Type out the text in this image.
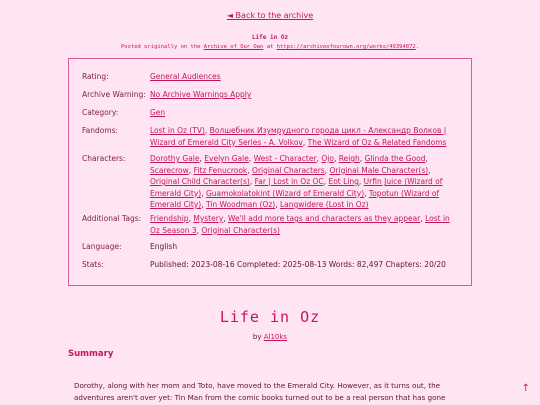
◄ Back to the archive
Life in Oz
Posted originally on the Archive of Our Own at https://archiveofourown.org/works/49394872.
Rating:	General Audiences
Archive Warning: No Archive Warnings Apply
Category:	Gen
Fandoms:	Lost in Oz (TV), Волшебник Изумрудного города цикл - Александр Волков | Wizard of Emerald City Series - A. Volkov, The Wizard of Oz & Related Fandoms
Characters:	Dorothy Gale, Evelyn Gale, West - Character, Ojo, Reigh, Glinda the Good, Scarecrow, Fitz Fenucrook, Original Characters, Original Male Character(s), Original Child Character(s), Far | Lost in Oz OC, Eot Ling, Urfin Juice (Wizard of Emerald City), Guamokolatokint (Wizard of Emerald City), Topotun (Wizard of Emerald City), Tin Woodman (Oz), Langwidere (Lost in Oz)
Additional Tags:	Friendship, Mystery, We'll add more tags and characters as they appear, Lost in Oz Season 3, Original Character(s)
Language:	English
Stats:	Published: 2023-08-16 Completed: 2025-08-13 Words: 82,497 Chapters: 20/20
Life in Oz
by Al10ks
Summary
Dorothy, along with her mom and Toto, have moved to the Emerald City. However, as it turns out, the adventures aren't over yet: Tin Man from the comic books turned out to be a real person that has gone
↑
